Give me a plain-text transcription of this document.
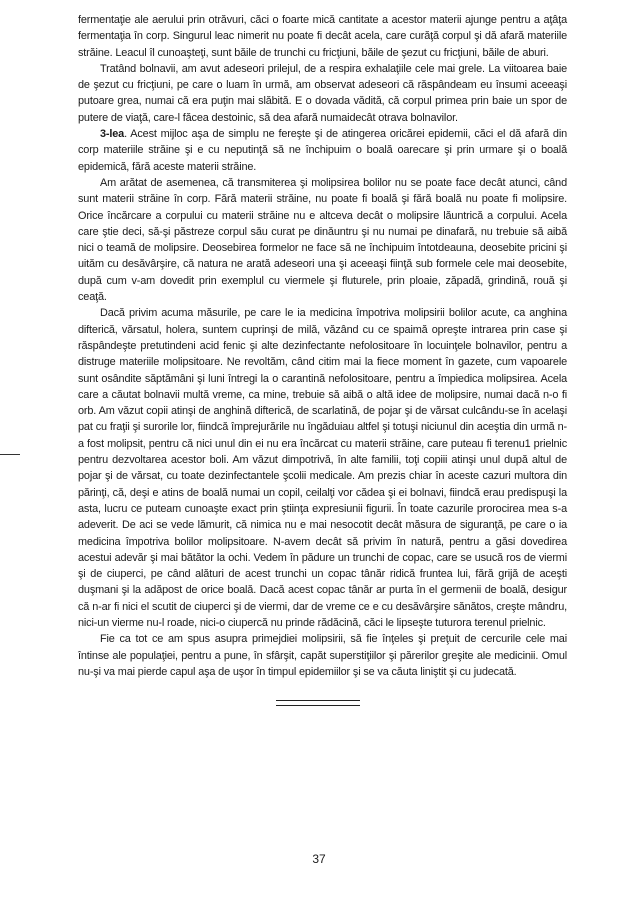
fermentaţie ale aerului prin otrăvuri, căci o foarte mică cantitate a acestor materii ajunge pentru a aţâţa fermentaţia în corp. Singurul leac nimerit nu poate fi decât acela, care curăţă corpul şi dă afară materiile străine. Leacul îl cunoaşteţi, sunt băile de trunchi cu fricţiuni, băile de şezut cu fricţiuni, băile de aburi.

Tratând bolnavii, am avut adeseori prilejul, de a respira exhalaţiile cele mai grele. La viitoarea baie de şezut cu fricţiuni, pe care o luam în urmă, am observat adeseori că răspândeam eu însumi aceeaşi putoare grea, numai că era puţin mai slăbită. E o dovada vădită, că corpul primea prin baie un spor de putere de viaţă, care-l făcea destoinic, să dea afară numaidecât otrava bolnavilor.

3-lea. Acest mijloc aşa de simplu ne fereşte şi de atingerea oricărei epidemii, căci el dă afară din corp materiile străine şi e cu neputinţă să ne închipuim o boală oarecare şi prin urmare şi o boală epidemică, fără aceste materii străine.

Am arătat de asemenea, că transmiterea şi molipsirea bolilor nu se poate face decât atunci, când sunt materii străine în corp. Fără materii străine, nu poate fi boală şi fără boală nu poate fi molipsire. Orice încărcare a corpului cu materii străine nu e altceva decât o molipsire lăuntrică a corpului. Acela care ştie deci, să-şi păstreze corpul său curat pe dinăuntru şi nu numai pe dinafară, nu trebuie să aibă nici o teamă de molipsire. Deosebirea formelor ne face să ne închipuim întotdeauna, deosebite pricini şi uităm cu desăvârşire, că natura ne arată adeseori una şi aceeaşi fiinţă sub formele cele mai deosebite, după cum v-am dovedit prin exemplul cu viermele şi fluturele, prin ploaie, zăpadă, grindină, rouă şi ceaţă.

Dacă privim acuma măsurile, pe care le ia medicina împotriva molipsirii bolilor acute, ca anghina difterică, vărsatul, holera, suntem cuprinşi de milă, văzând cu ce spaimă opreşte intrarea prin case şi răspândeşte pretutindeni acid fenic şi alte dezinfectante nefolositoare în locuinţele bolnavilor, pentru a distruge materiile molipsitoare. Ne revoltăm, când citim mai la fiece moment în gazete, cum vapoarele sunt osândite săptămâni şi luni întregi la o carantină nefolositoare, pentru a împiedica molipsirea. Acela care a căutat bolnavii multă vreme, ca mine, trebuie să aibă o altă idee de molipsire, numai dacă n-o fi orb. Am văzut copii atinşi de anghină difterică, de scarlatină, de pojar şi de vărsat culcându-se în acelaşi pat cu fraţii şi surorile lor, fiindcă împrejurările nu îngăduiau altfel şi totuşi niciunul din aceştia din urmă n-a fost molipsit, pentru că nici unul din ei nu era încărcat cu materii străine, care puteau fi terenu1 prielnic pentru dezvoltarea acestor boli. Am văzut dimpotrivă, în alte familii, toţi copiii atinşi unul după altul de pojar şi de vărsat, cu toate dezinfectantele şcolii medicale. Am prezis chiar în aceste cazuri multora din părinţi, că, deşi e atins de boală numai un copil, ceilalţi vor cădea şi ei bolnavi, fiindcă erau predispuşi la asta, lucru ce puteam cunoaşte exact prin ştiinţa expresiunii figurii. În toate cazurile prorocirea mea s-a adeverit. De aci se vede lămurit, că nimica nu e mai nesocotit decât măsura de siguranţă, pe care o ia medicina împotriva bolilor molipsitoare. N-avem decât să privim în natură, pentru a găsi dovedirea acestui adevăr şi mai bătător la ochi. Vedem în pădure un trunchi de copac, care se usucă ros de viermi şi de ciuperci, pe când alături de acest trunchi un copac tânăr ridică fruntea lui, fără grijă de aceşti duşmani şi la adăpost de orice boală. Dacă acest copac tânăr ar purta în el germenii de boală, desigur că n-ar fi nici el scutit de ciuperci şi de viermi, dar de vreme ce e cu desăvârşire sănătos, creşte mândru, nici-un vierme nu-l roade, nici-o ciupercă nu prinde rădăcină, căci le lipseşte tuturora terenul prielnic.

Fie ca tot ce am spus asupra primejdiei molipsirii, să fie înţeles şi preţuit de cercurile cele mai întinse ale populaţiei, pentru a pune, în sfârşit, capăt superstiţiilor şi părerilor greşite ale medicinii. Omul nu-şi va mai pierde capul aşa de uşor în timpul epidemiilor şi se va căuta liniştit şi cu judecată.

37
